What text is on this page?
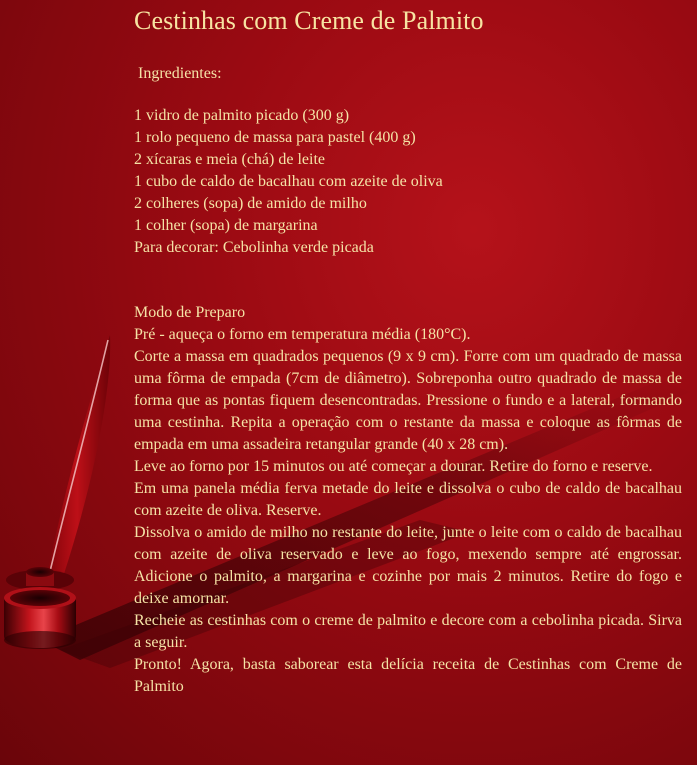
Cestinhas com Creme de Palmito
Ingredientes:
1 vidro de palmito picado (300 g)
1 rolo pequeno de massa para pastel (400 g)
2 xícaras e meia (chá) de leite
1 cubo de caldo de bacalhau com azeite de oliva
2 colheres (sopa) de amido de milho
1 colher (sopa) de margarina
Para decorar: Cebolinha verde picada
Modo de Preparo

Pré - aqueça o forno em temperatura média (180°C).

Corte a massa em quadrados pequenos (9 x 9 cm). Forre com um quadrado de massa uma fôrma de empada (7cm de diâmetro). Sobreponha outro quadrado de massa de forma que as pontas fiquem desencontradas. Pressione o fundo e a lateral, formando uma cestinha. Repita a operação com o restante da massa e coloque as fôrmas de empada em uma assadeira retangular grande (40 x 28 cm).

Leve ao forno por 15 minutos ou até começar a dourar. Retire do forno e reserve.

Em uma panela média ferva metade do leite e dissolva o cubo de caldo de bacalhau com azeite de oliva. Reserve.

Dissolva o amido de milho no restante do leite, junte o leite com o caldo de bacalhau com azeite de oliva reservado e leve ao fogo, mexendo sempre até engrossar. Adicione o palmito, a margarina e cozinhe por mais 2 minutos. Retire do fogo e deixe amornar.

Recheie as cestinhas com o creme de palmito e decore com a cebolinha picada. Sirva a seguir.

Pronto! Agora, basta saborear esta delícia receita de Cestinhas com Creme de Palmito
